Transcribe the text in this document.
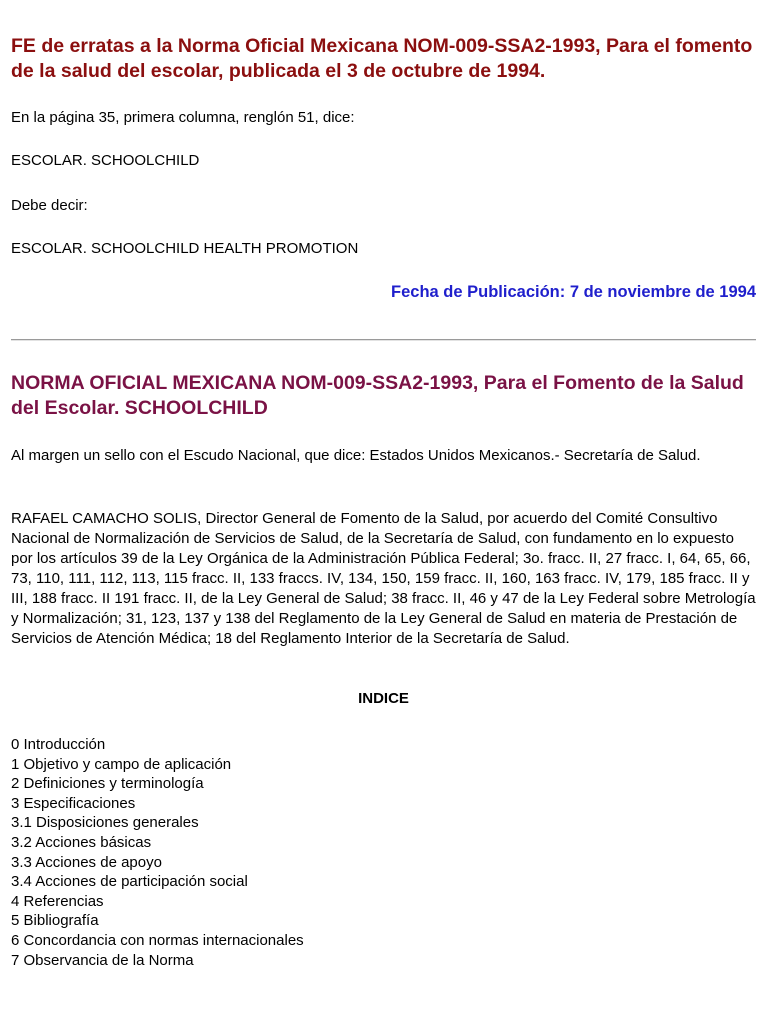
FE de erratas a la Norma Oficial Mexicana NOM-009-SSA2-1993, Para el fomento de la salud del escolar, publicada el 3 de octubre de 1994.

En la página 35, primera columna, renglón 51, dice:

ESCOLAR. SCHOOLCHILD

Debe decir:

ESCOLAR. SCHOOLCHILD HEALTH PROMOTION

Fecha de Publicación: 7 de noviembre de 1994

NORMA OFICIAL MEXICANA NOM-009-SSA2-1993, Para el Fomento de la Salud del Escolar. SCHOOLCHILD

Al margen un sello con el Escudo Nacional, que dice: Estados Unidos Mexicanos.- Secretaría de Salud.

RAFAEL CAMACHO SOLIS, Director General de Fomento de la Salud, por acuerdo del Comité Consultivo Nacional de Normalización de Servicios de Salud, de la Secretaría de Salud, con fundamento en lo expuesto por los artículos 39 de la Ley Orgánica de la Administración Pública Federal; 3o. fracc. II, 27 fracc. I, 64, 65, 66, 73, 110, 111, 112, 113, 115 fracc. II, 133 fraccs. IV, 134, 150, 159 fracc. II, 160, 163 fracc. IV, 179, 185 fracc. II y III, 188 fracc. II 191 fracc. II, de la Ley General de Salud; 38 fracc. II, 46 y 47 de la Ley Federal sobre Metrología y Normalización; 31, 123, 137 y 138 del Reglamento de la Ley General de Salud en materia de Prestación de Servicios de Atención Médica; 18 del Reglamento Interior de la Secretaría de Salud.

INDICE

0 Introducción
1 Objetivo y campo de aplicación
2 Definiciones y terminología
3 Especificaciones
3.1 Disposiciones generales
3.2 Acciones básicas
3.3 Acciones de apoyo
3.4 Acciones de participación social
4 Referencias
5 Bibliografía
6 Concordancia con normas internacionales
7 Observancia de la Norma
